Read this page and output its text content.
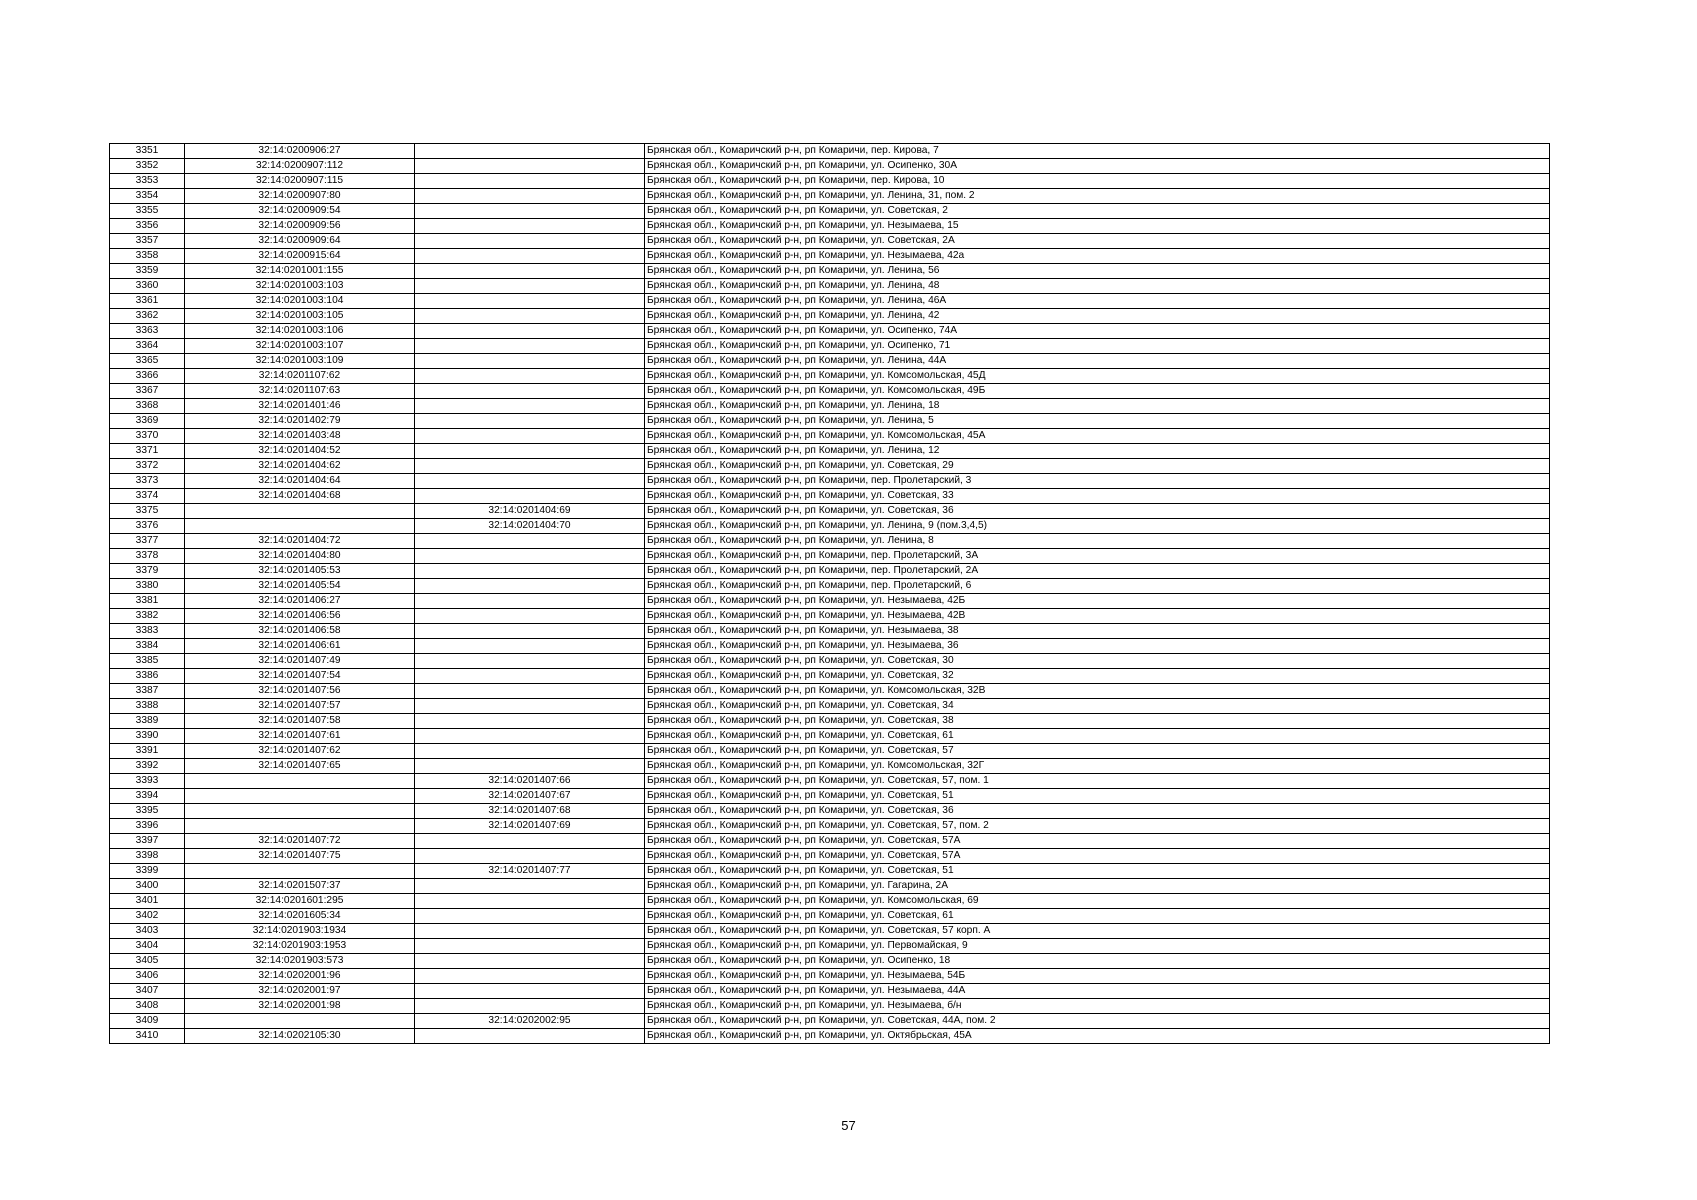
3351	32:14:0200906:27		Брянская обл., Комаричский р-н, рп Комаричи, пер. Кирова, 7
3352	32:14:0200907:112		Брянская обл., Комаричский р-н, рп Комаричи, ул. Осипенко, 30А
3353	32:14:0200907:115		Брянская обл., Комаричский р-н, рп Комаричи, пер. Кирова, 10
3354	32:14:0200907:80		Брянская обл., Комаричский р-н, рп Комаричи, ул. Ленина, 31, пом. 2
3355	32:14:0200909:54		Брянская обл., Комаричский р-н, рп Комаричи, ул. Советская, 2
3356	32:14:0200909:56		Брянская обл., Комаричский р-н, рп Комаричи, ул. Незымаева, 15
3357	32:14:0200909:64		Брянская обл., Комаричский р-н, рп Комаричи, ул. Советская, 2А
3358	32:14:0200915:64		Брянская обл., Комаричский р-н, рп Комаричи, ул. Незымаева, 42а
3359	32:14:0201001:155		Брянская обл., Комаричский р-н, рп Комаричи, ул. Ленина, 56
3360	32:14:0201003:103		Брянская обл., Комаричский р-н, рп Комаричи, ул. Ленина, 48
3361	32:14:0201003:104		Брянская обл., Комаричский р-н, рп Комаричи, ул. Ленина, 46А
3362	32:14:0201003:105		Брянская обл., Комаричский р-н, рп Комаричи, ул. Ленина, 42
3363	32:14:0201003:106		Брянская обл., Комаричский р-н, рп Комаричи, ул. Осипенко, 74А
3364	32:14:0201003:107		Брянская обл., Комаричский р-н, рп Комаричи, ул. Осипенко, 71
3365	32:14:0201003:109		Брянская обл., Комаричский р-н, рп Комаричи, ул. Ленина, 44А
3366	32:14:0201107:62		Брянская обл., Комаричский р-н, рп Комаричи, ул. Комсомольская, 45Д
3367	32:14:0201107:63		Брянская обл., Комаричский р-н, рп Комаричи, ул. Комсомольская, 49Б
3368	32:14:0201401:46		Брянская обл., Комаричский р-н, рп Комаричи, ул. Ленина, 18
3369	32:14:0201402:79		Брянская обл., Комаричский р-н, рп Комаричи, ул. Ленина, 5
3370	32:14:0201403:48		Брянская обл., Комаричский р-н, рп Комаричи, ул. Комсомольская, 45А
3371	32:14:0201404:52		Брянская обл., Комаричский р-н, рп Комаричи, ул. Ленина, 12
3372	32:14:0201404:62		Брянская обл., Комаричский р-н, рп Комаричи, ул. Советская, 29
3373	32:14:0201404:64		Брянская обл., Комаричский р-н, рп Комаричи, пер. Пролетарский, 3
3374	32:14:0201404:68		Брянская обл., Комаричский р-н, рп Комаричи, ул. Советская, 33
3375		32:14:0201404:69	Брянская обл., Комаричский р-н, рп Комаричи, ул. Советская, 36
3376		32:14:0201404:70	Брянская обл., Комаричский р-н, рп Комаричи, ул. Ленина, 9 (пом.3,4,5)
3377	32:14:0201404:72		Брянская обл., Комаричский р-н, рп Комаричи, ул. Ленина, 8
3378	32:14:0201404:80		Брянская обл., Комаричский р-н, рп Комаричи, пер. Пролетарский, 3А
3379	32:14:0201405:53		Брянская обл., Комаричский р-н, рп Комаричи, пер. Пролетарский, 2А
3380	32:14:0201405:54		Брянская обл., Комаричский р-н, рп Комаричи, пер. Пролетарский, 6
3381	32:14:0201406:27		Брянская обл., Комаричский р-н, рп Комаричи, ул. Незымаева, 42Б
3382	32:14:0201406:56		Брянская обл., Комаричский р-н, рп Комаричи, ул. Незымаева, 42В
3383	32:14:0201406:58		Брянская обл., Комаричский р-н, рп Комаричи, ул. Незымаева, 38
3384	32:14:0201406:61		Брянская обл., Комаричский р-н, рп Комаричи, ул. Незымаева, 36
3385	32:14:0201407:49		Брянская обл., Комаричский р-н, рп Комаричи, ул. Советская, 30
3386	32:14:0201407:54		Брянская обл., Комаричский р-н, рп Комаричи, ул. Советская, 32
3387	32:14:0201407:56		Брянская обл., Комаричский р-н, рп Комаричи, ул. Комсомольская, 32В
3388	32:14:0201407:57		Брянская обл., Комаричский р-н, рп Комаричи, ул. Советская, 34
3389	32:14:0201407:58		Брянская обл., Комаричский р-н, рп Комаричи, ул. Советская, 38
3390	32:14:0201407:61		Брянская обл., Комаричский р-н, рп Комаричи, ул. Советская, 61
3391	32:14:0201407:62		Брянская обл., Комаричский р-н, рп Комаричи, ул. Советская, 57
3392	32:14:0201407:65		Брянская обл., Комаричский р-н, рп Комаричи, ул. Комсомольская, 32Г
3393		32:14:0201407:66	Брянская обл., Комаричский р-н, рп Комаричи, ул. Советская, 57, пом. 1
3394		32:14:0201407:67	Брянская обл., Комаричский р-н, рп Комаричи, ул. Советская, 51
3395		32:14:0201407:68	Брянская обл., Комаричский р-н, рп Комаричи, ул. Советская, 36
3396		32:14:0201407:69	Брянская обл., Комаричский р-н, рп Комаричи, ул. Советская, 57, пом. 2
3397	32:14:0201407:72		Брянская обл., Комаричский р-н, рп Комаричи, ул. Советская, 57А
3398	32:14:0201407:75		Брянская обл., Комаричский р-н, рп Комаричи, ул. Советская, 57А
3399		32:14:0201407:77	Брянская обл., Комаричский р-н, рп Комаричи, ул. Советская, 51
3400	32:14:0201507:37		Брянская обл., Комаричский р-н, рп Комаричи, ул. Гагарина, 2А
3401	32:14:0201601:295		Брянская обл., Комаричский р-н, рп Комаричи, ул. Комсомольская, 69
3402	32:14:0201605:34		Брянская обл., Комаричский р-н, рп Комаричи, ул. Советская, 61
3403	32:14:0201903:1934		Брянская обл., Комаричский р-н, рп Комаричи, ул. Советская, 57 корп. А
3404	32:14:0201903:1953		Брянская обл., Комаричский р-н, рп Комаричи, ул. Первомайская, 9
3405	32:14:0201903:573		Брянская обл., Комаричский р-н, рп Комаричи, ул. Осипенко, 18
3406	32:14:0202001:96		Брянская обл., Комаричский р-н, рп Комаричи, ул. Незымаева, 54Б
3407	32:14:0202001:97		Брянская обл., Комаричский р-н, рп Комаричи, ул. Незымаева, 44А
3408	32:14:0202001:98		Брянская обл., Комаричский р-н, рп Комаричи, ул. Незымаева, б/н
3409		32:14:0202002:95	Брянская обл., Комаричский р-н, рп Комаричи, ул. Советская, 44А, пом. 2
3410	32:14:0202105:30		Брянская обл., Комаричский р-н, рп Комаричи, ул. Октябрьская, 45А
57
